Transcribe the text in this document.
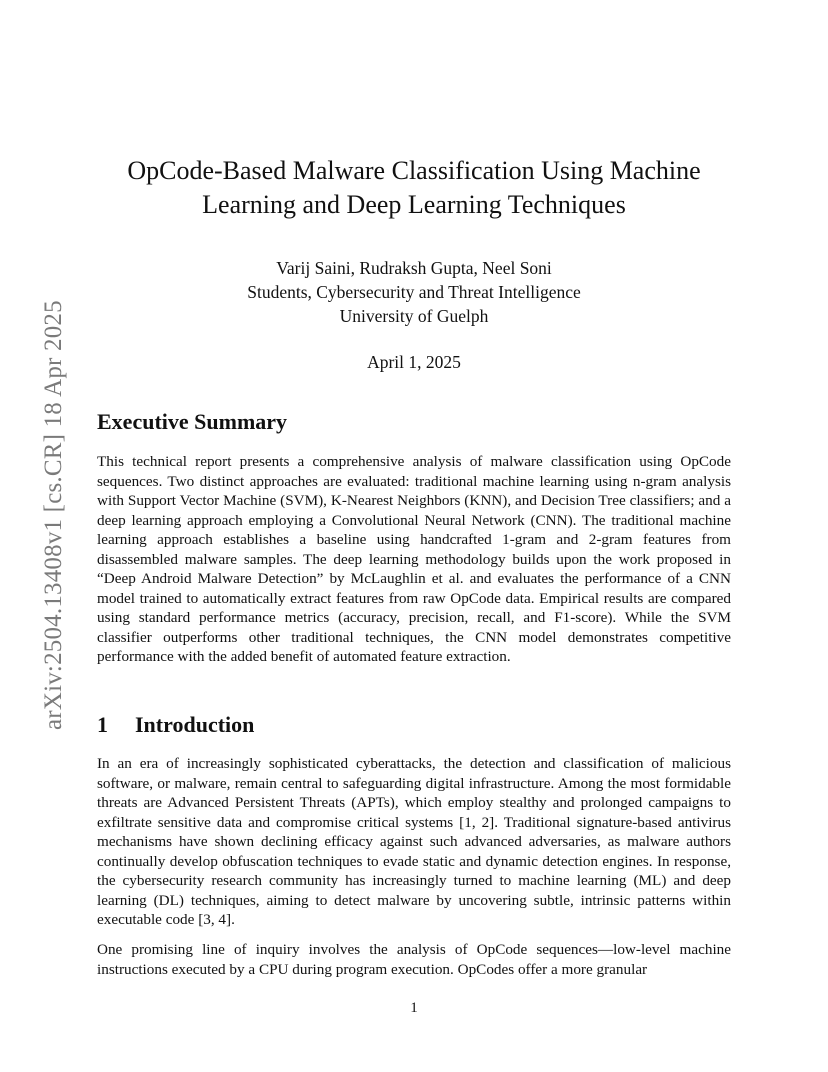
arXiv:2504.13408v1 [cs.CR] 18 Apr 2025
OpCode-Based Malware Classification Using Machine
Learning and Deep Learning Techniques
Varij Saini, Rudraksh Gupta, Neel Soni
Students, Cybersecurity and Threat Intelligence
University of Guelph
April 1, 2025
Executive Summary

This technical report presents a comprehensive analysis of malware classification using OpCode sequences. Two distinct approaches are evaluated: traditional machine learning using n-gram analysis with Support Vector Machine (SVM), K-Nearest Neighbors (KNN), and Decision Tree classifiers; and a deep learning approach employing a Convolutional Neural Network (CNN). The traditional machine learning approach establishes a baseline using handcrafted 1-gram and 2-gram features from disassembled malware samples. The deep learning methodology builds upon the work proposed in “Deep Android Malware Detection” by McLaughlin et al. and evaluates the performance of a CNN model trained to automatically extract features from raw OpCode data. Empirical results are compared using standard performance metrics (accuracy, precision, recall, and F1-score). While the SVM classifier outperforms other traditional techniques, the CNN model demonstrates competitive performance with the added benefit of automated feature extraction.

1 Introduction

In an era of increasingly sophisticated cyberattacks, the detection and classification of malicious software, or malware, remain central to safeguarding digital infrastructure. Among the most formidable threats are Advanced Persistent Threats (APTs), which employ stealthy and prolonged campaigns to exfiltrate sensitive data and compromise critical systems [1, 2]. Traditional signature-based antivirus mechanisms have shown declining efficacy against such advanced adversaries, as malware authors continually develop obfuscation techniques to evade static and dynamic detection engines. In response, the cybersecurity research community has increasingly turned to machine learning (ML) and deep learning (DL) techniques, aiming to detect malware by uncovering subtle, intrinsic patterns within executable code [3, 4].

One promising line of inquiry involves the analysis of OpCode sequences—low-level machine instructions executed by a CPU during program execution. OpCodes offer a more granular

1
